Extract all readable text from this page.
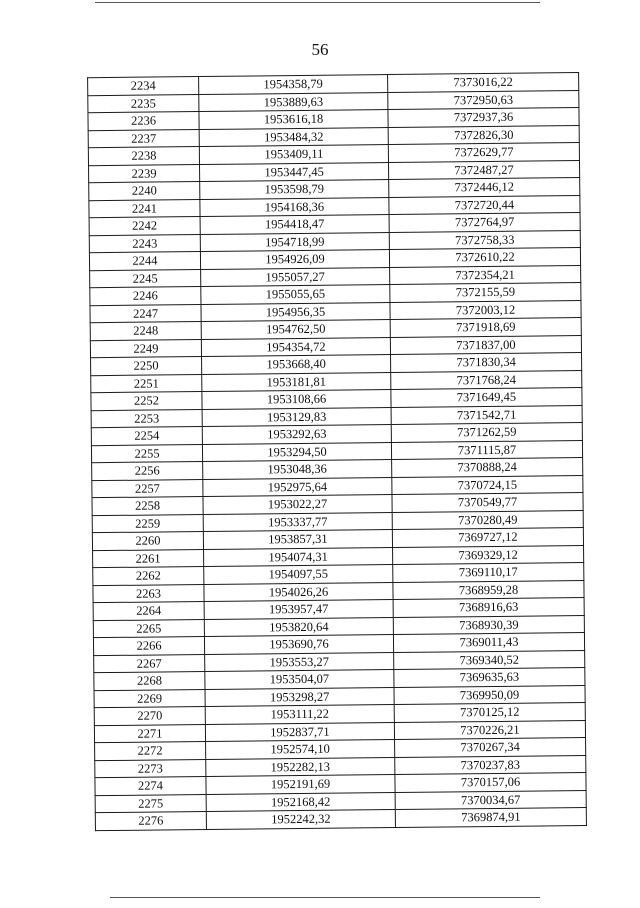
56
2234	1954358,79	7373016,22
2235	1953889,63	7372950,63
2236	1953616,18	7372937,36
2237	1953484,32	7372826,30
2238	1953409,11	7372629,77
2239	1953447,45	7372487,27
2240	1953598,79	7372446,12
2241	1954168,36	7372720,44
2242	1954418,47	7372764,97
2243	1954718,99	7372758,33
2244	1954926,09	7372610,22
2245	1955057,27	7372354,21
2246	1955055,65	7372155,59
2247	1954956,35	7372003,12
2248	1954762,50	7371918,69
2249	1954354,72	7371837,00
2250	1953668,40	7371830,34
2251	1953181,81	7371768,24
2252	1953108,66	7371649,45
2253	1953129,83	7371542,71
2254	1953292,63	7371262,59
2255	1953294,50	7371115,87
2256	1953048,36	7370888,24
2257	1952975,64	7370724,15
2258	1953022,27	7370549,77
2259	1953337,77	7370280,49
2260	1953857,31	7369727,12
2261	1954074,31	7369329,12
2262	1954097,55	7369110,17
2263	1954026,26	7368959,28
2264	1953957,47	7368916,63
2265	1953820,64	7368930,39
2266	1953690,76	7369011,43
2267	1953553,27	7369340,52
2268	1953504,07	7369635,63
2269	1953298,27	7369950,09
2270	1953111,22	7370125,12
2271	1952837,71	7370226,21
2272	1952574,10	7370267,34
2273	1952282,13	7370237,83
2274	1952191,69	7370157,06
2275	1952168,42	7370034,67
2276	1952242,32	7369874,91
